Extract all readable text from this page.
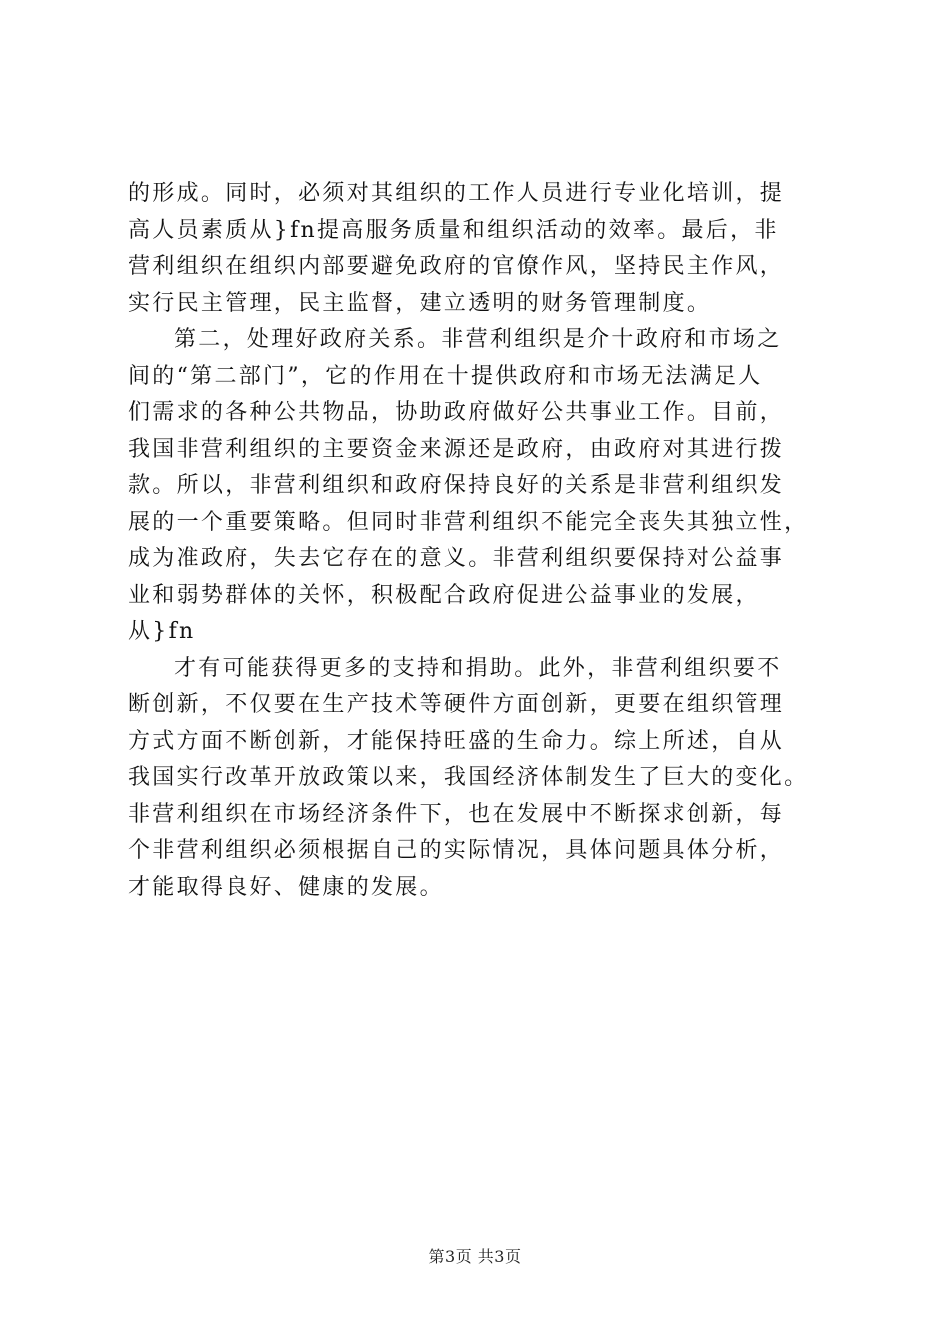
的形成。同时，必须对其组织的工作人员进行专业化培训，提
高人员素质从}fn提高服务质量和组织活动的效率。最后，非
营利组织在组织内部要避免政府的官僚作风，坚持民主作风，
实行民主管理，民主监督，建立透明的财务管理制度。
第二，处理好政府关系。非营利组织是介十政府和市场之
间的“第二部门”，它的作用在十提供政府和市场无法满足人
们需求的各种公共物品，协助政府做好公共事业工作。目前，
我国非营利组织的主要资金来源还是政府，由政府对其进行拨
款。所以，非营利组织和政府保持良好的关系是非营利组织发
展的一个重要策略。但同时非营利组织不能完全丧失其独立性，
成为准政府，失去它存在的意义。非营利组织要保持对公益事
业和弱势群体的关怀，积极配合政府促进公益事业的发展，
从}fn
才有可能获得更多的支持和捐助。此外，非营利组织要不
断创新，不仅要在生产技术等硬件方面创新，更要在组织管理
方式方面不断创新，才能保持旺盛的生命力。综上所述，自从
我国实行改革开放政策以来，我国经济体制发生了巨大的变化。
非营利组织在市场经济条件下，也在发展中不断探求创新，每
个非营利组织必须根据自己的实际情况，具体问题具体分析，
才能取得良好、健康的发展。
第3页 共3页
